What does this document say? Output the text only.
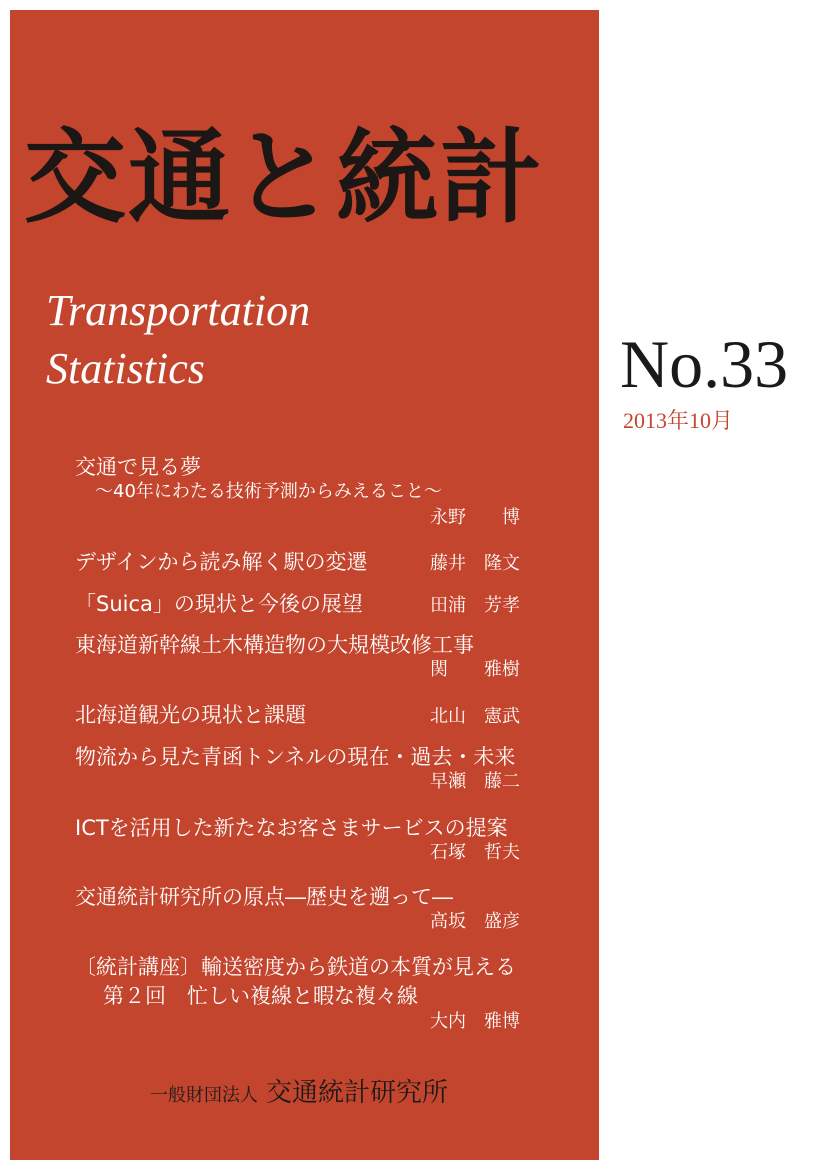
交通と統計
Transportation
Statistics	No.33
2013年10月
交通で見る夢
～40年にわたる技術予測からみえること～
永野　　博
デザインから読み解く駅の変遷	藤井　隆文
「Suica」の現状と今後の展望	田浦　芳孝
東海道新幹線土木構造物の大規模改修工事
関　　雅樹
北海道観光の現状と課題	北山　憲武
物流から見た青函トンネルの現在・過去・未来
早瀬　藤二
ICTを活用した新たなお客さまサービスの提案
石塚　哲夫
交通統計研究所の原点―歴史を遡って―
高坂　盛彦
〔統計講座〕輸送密度から鉄道の本質が見える
第２回　忙しい複線と暇な複々線
大内　雅博
一般財団法人 交通統計研究所
